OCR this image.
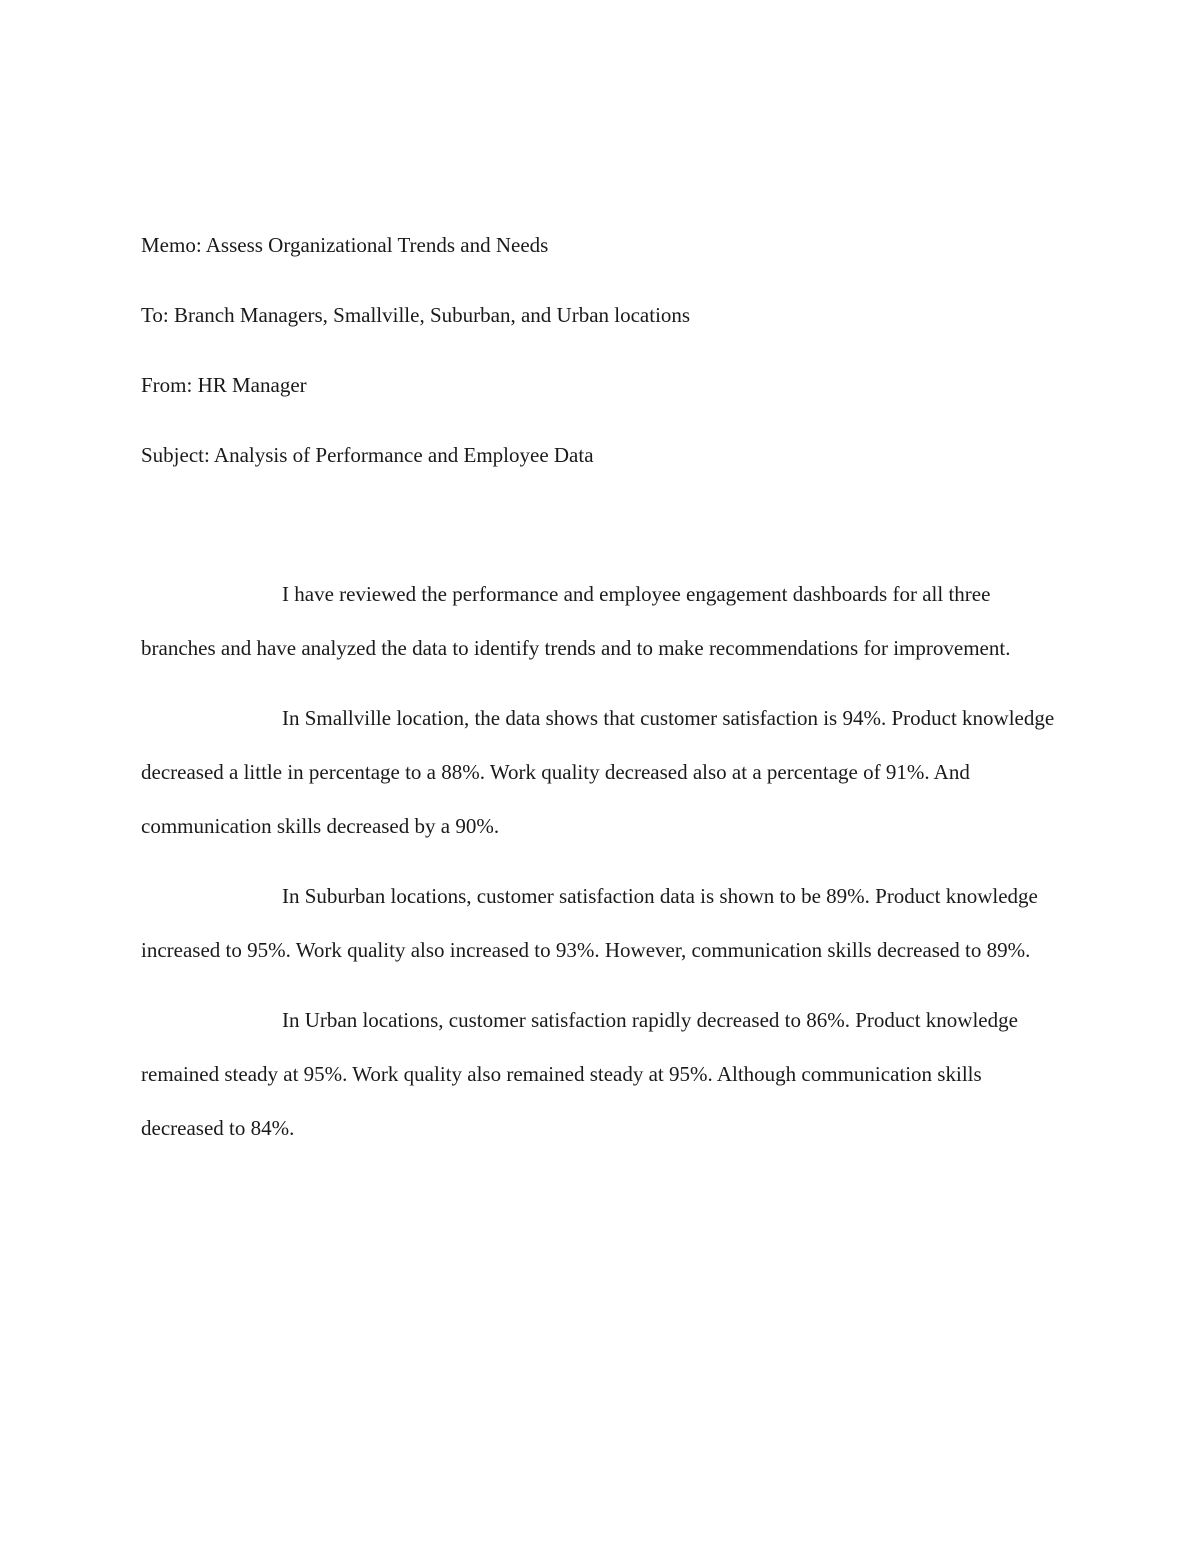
Memo: Assess Organizational Trends and Needs
To: Branch Managers, Smallville, Suburban, and Urban locations
From: HR Manager
Subject: Analysis of Performance and Employee Data

I have reviewed the performance and employee engagement dashboards for all three branches and have analyzed the data to identify trends and to make recommendations for improvement.

In Smallville location, the data shows that customer satisfaction is 94%. Product knowledge decreased a little in percentage to a 88%. Work quality decreased also at a percentage of 91%. And communication skills decreased by a 90%.

In Suburban locations, customer satisfaction data is shown to be 89%. Product knowledge increased to 95%. Work quality also increased to 93%. However, communication skills decreased to 89%.

In Urban locations, customer satisfaction rapidly decreased to 86%. Product knowledge remained steady at 95%. Work quality also remained steady at 95%. Although communication skills decreased to 84%.
